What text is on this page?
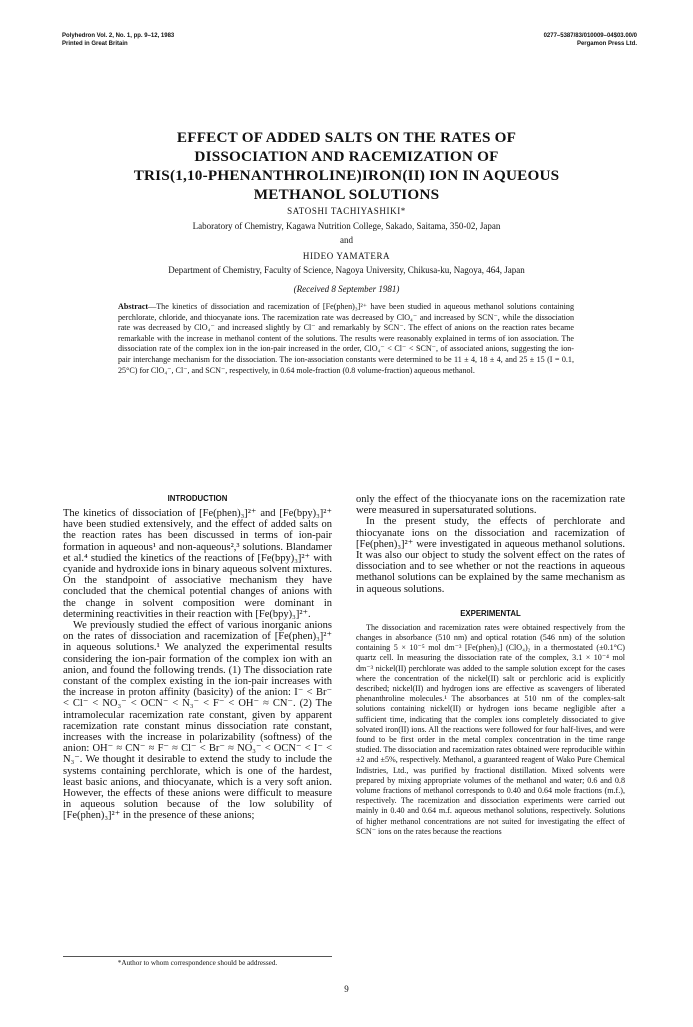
Polyhedron Vol. 2, No. 1, pp. 9–12, 1983
Printed in Great Britain
0277–5387/83/010009–04$03.00/0
Pergamon Press Ltd.
EFFECT OF ADDED SALTS ON THE RATES OF
DISSOCIATION AND RACEMIZATION OF
TRIS(1,10-PHENANTHROLINE)IRON(II) ION IN AQUEOUS
METHANOL SOLUTIONS
SATOSHI TACHIYASHIKI*
Laboratory of Chemistry, Kagawa Nutrition College, Sakado, Saitama, 350-02, Japan
and
HIDEO YAMATERA
Department of Chemistry, Faculty of Science, Nagoya University, Chikusa-ku, Nagoya, 464, Japan
(Received 8 September 1981)
Abstract—The kinetics of dissociation and racemization of [Fe(phen)₃]²⁺ have been studied in aqueous methanol solutions containing perchlorate, chloride, and thiocyanate ions. The racemization rate was decreased by ClO₄⁻ and increased by SCN⁻, while the dissociation rate was decreased by ClO₄⁻ and increased slightly by Cl⁻ and remarkably by SCN⁻. The effect of anions on the reaction rates became remarkable with the increase in methanol content of the solutions. The results were reasonably explained in terms of ion association. The dissociation rate of the complex ion in the ion-pair increased in the order, ClO₄⁻ < Cl⁻ < SCN⁻, of associated anions, suggesting the ion-pair interchange mechanism for the dissociation. The ion-association constants were determined to be 11 ± 4, 18 ± 4, and 25 ± 15 (I = 0.1, 25°C) for ClO₄⁻, Cl⁻, and SCN⁻, respectively, in 0.64 mole-fraction (0.8 volume-fraction) aqueous methanol.
INTRODUCTION

The kinetics of dissociation of [Fe(phen)₃]²⁺ and [Fe(bpy)₃]²⁺ have been studied extensively, and the effect of added salts on the reaction rates has been discussed in terms of ion-pair formation in aqueous¹ and non-aqueous²,³ solutions. Blandamer et al.⁴ studied the kinetics of the reactions of [Fe(bpy)₃]²⁺ with cyanide and hydroxide ions in binary aqueous solvent mixtures. On the standpoint of associative mechanism they have concluded that the chemical potential changes of anions with the change in solvent composition were dominant in determining reactivities in their reaction with [Fe(bpy)₃]²⁺.

We previously studied the effect of various inorganic anions on the rates of dissociation and racemization of [Fe(phen)₃]²⁺ in aqueous solutions.¹ We analyzed the experimental results considering the ion-pair formation of the complex ion with an anion, and found the following trends. (1) The dissociation rate constant of the complex existing in the ion-pair increases with the increase in proton affinity (basicity) of the anion: I⁻ < Br⁻ < Cl⁻ < NO₃⁻ < OCN⁻ < N₃⁻ < F⁻ < OH⁻ ≈ CN⁻. (2) The intramolecular racemization rate constant, given by apparent racemization rate constant minus dissociation rate constant, increases with the increase in polarizability (softness) of the anion: OH⁻ ≈ CN⁻ ≈ F⁻ ≈ Cl⁻ < Br⁻ ≈ NO₃⁻ < OCN⁻ < I⁻ < N₃⁻. We thought it desirable to extend the study to include the systems containing perchlorate, which is one of the hardest, least basic anions, and thiocyanate, which is a very soft anion. However, the effects of these anions were difficult to measure in aqueous solution because of the low solubility of [Fe(phen)₃]²⁺ in the presence of these anions;

only the effect of the thiocyanate ions on the racemization rate were measured in supersaturated solutions.

In the present study, the effects of perchlorate and thiocyanate ions on the dissociation and racemization of [Fe(phen)₃]²⁺ were investigated in aqueous methanol solutions. It was also our object to study the solvent effect on the rates of dissociation and to see whether or not the reactions in aqueous methanol solutions can be explained by the same mechanism as in aqueous solutions.

EXPERIMENTAL

The dissociation and racemization rates were obtained respectively from the changes in absorbance (510 nm) and optical rotation (546 nm) of the solution containing 5 × 10⁻⁵ mol dm⁻³ [Fe(phen)₃] (ClO₄)₂ in a thermostated (±0.1°C) quartz cell. In measuring the dissociation rate of the complex, 3.1 × 10⁻⁴ mol dm⁻³ nickel(II) perchlorate was added to the sample solution except for the cases where the concentration of the nickel(II) salt or perchloric acid is explicitly described; nickel(II) and hydrogen ions are effective as scavengers of liberated phenanthroline molecules.¹ The absorbances at 510 nm of the complex-salt solutions containing nickel(II) or hydrogen ions became negligible after a sufficient time, indicating that the complex ions completely dissociated to give solvated iron(II) ions. All the reactions were followed for four half-lives, and were found to be first order in the metal complex concentration in the time range studied. The dissociation and racemization rates obtained were reproducible within ±2 and ±5%, respectively. Methanol, a guaranteed reagent of Wako Pure Chemical Indistries, Ltd., was purified by fractional distillation. Mixed solvents were prepared by mixing appropriate volumes of the methanol and water; 0.6 and 0.8 volume fractions of methanol corresponds to 0.40 and 0.64 mole fractions (m.f.), respectively. The racemization and dissociation experiments were carried out mainly in 0.40 and 0.64 m.f. aqueous methanol solutions, respectively. Solutions of higher methanol concentrations are not suited for investigating the effect of SCN⁻ ions on the rates because the reactions

*Author to whom correspondence should be addressed.
9
